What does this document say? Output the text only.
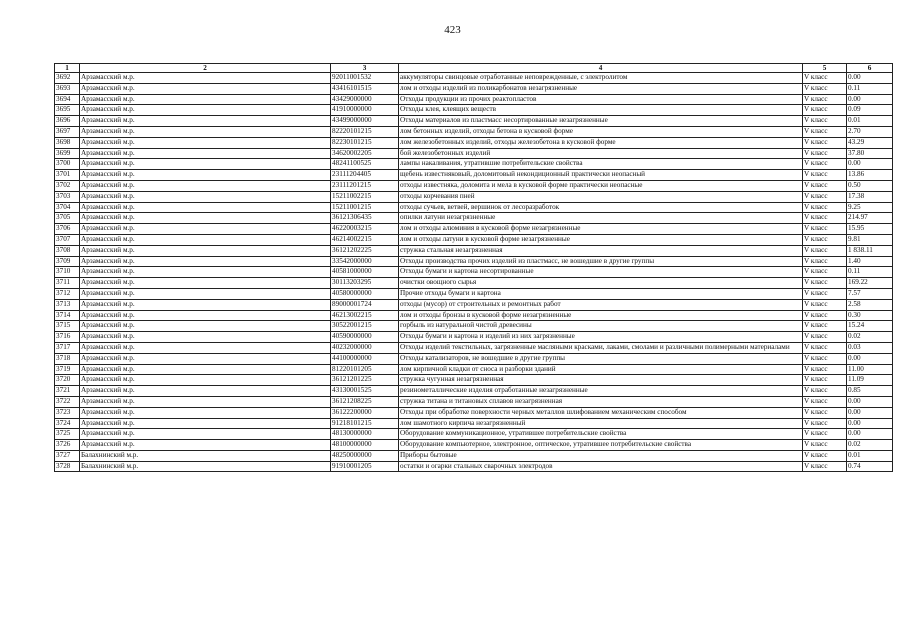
423
1	2	3	4	5	6
3692	Арзамасский м.р.	92011001532	аккумуляторы свинцовые отработанные неповрежденные, с электролитом	V класс	0.00
3693	Арзамасский м.р.	43416101515	лом и отходы изделий из поликарбонатов незагрязненные	V класс	0.11
3694	Арзамасский м.р.	43429000000	Отходы продукции из прочих реактопластов	V класс	0.00
3695	Арзамасский м.р.	41910000000	Отходы клея, клеящих веществ	V класс	0.09
3696	Арзамасский м.р.	43499000000	Отходы материалов из пластмасс несортированные незагрязненные	V класс	0.01
3697	Арзамасский м.р.	82220101215	лом бетонных изделий, отходы бетона в кусковой форме	V класс	2.70
3698	Арзамасский м.р.	82230101215	лом железобетонных изделий, отходы железобетона в кусковой форме	V класс	43.29
3699	Арзамасский м.р.	34620002205	бой железобетонных изделий	V класс	37.80
3700	Арзамасский м.р.	48241100525	лампы накаливания, утратившие потребительские свойства	V класс	0.00
3701	Арзамасский м.р.	23111204405	щебень известняковый, доломитовый некондиционный практически неопасный	V класс	13.86
3702	Арзамасский м.р.	23111201215	отходы известняка, доломита и мела в кусковой форме практически неопасные	V класс	0.50
3703	Арзамасский м.р.	15211002215	отходы корчевания пней	V класс	17.38
3704	Арзамасский м.р.	15211001215	отходы сучьев, ветвей, вершинок от лесоразработок	V класс	9.25
3705	Арзамасский м.р.	36121306435	опилки латуни незагрязненные	V класс	214.97
3706	Арзамасский м.р.	46220003215	лом и отходы алюминия в кусковой форме незагрязненные	V класс	15.95
3707	Арзамасский м.р.	46214002215	лом и отходы латуни в кусковой форме незагрязненные	V класс	9.81
3708	Арзамасский м.р.	36121202225	стружка стальная незагрязненная	V класс	1 838.11
3709	Арзамасский м.р.	33542000000	Отходы производства прочих изделий из пластмасс, не вошедшие в другие группы	V класс	1.40
3710	Арзамасский м.р.	40581000000	Отходы бумаги и картона несортированные	V класс	0.11
3711	Арзамасский м.р.	30113203295	очистки овощного сырья	V класс	169.22
3712	Арзамасский м.р.	40580000000	Прочие отходы бумаги и картона	V класс	7.57
3713	Арзамасский м.р.	89000001724	отходы (мусор) от строительных и ремонтных работ	V класс	2.58
3714	Арзамасский м.р.	46213002215	лом и отходы бронзы в кусковой форме незагрязненные	V класс	0.30
3715	Арзамасский м.р.	30522001215	горбыль из натуральной чистой древесины	V класс	15.24
3716	Арзамасский м.р.	40590000000	Отходы бумаги и картона и изделий из них загрязненные	V класс	0.02
3717	Арзамасский м.р.	40232000000	Отходы изделий текстильных, загрязненные масляными красками, лаками, смолами и различными полимерными материалами	V класс	0.03
3718	Арзамасский м.р.	44100000000	Отходы катализаторов, не вошедшие в другие группы	V класс	0.00
3719	Арзамасский м.р.	81220101205	лом кирпичной кладки от сноса и разборки зданий	V класс	11.00
3720	Арзамасский м.р.	36121201225	стружка чугунная незагрязненная	V класс	11.09
3721	Арзамасский м.р.	43130001525	резинометаллические изделия отработанные незагрязненные	V класс	0.85
3722	Арзамасский м.р.	36121208225	стружка титана и титановых сплавов незагрязненная	V класс	0.00
3723	Арзамасский м.р.	36122200000	Отходы при обработке поверхности черных металлов шлифованием механическим способом	V класс	0.00
3724	Арзамасский м.р.	91218101215	лом шамотного кирпича незагрязненный	V класс	0.00
3725	Арзамасский м.р.	48130000000	Оборудование коммуникационное, утратившее потребительские свойства	V класс	0.00
3726	Арзамасский м.р.	48100000000	Оборудование компьютерное, электронное, оптическое, утратившее потребительские свойства	V класс	0.02
3727	Балахнинский м.р.	48250000000	Приборы бытовые	V класс	0.01
3728	Балахнинский м.р.	91910001205	остатки и огарки стальных сварочных электродов	V класс	0.74
